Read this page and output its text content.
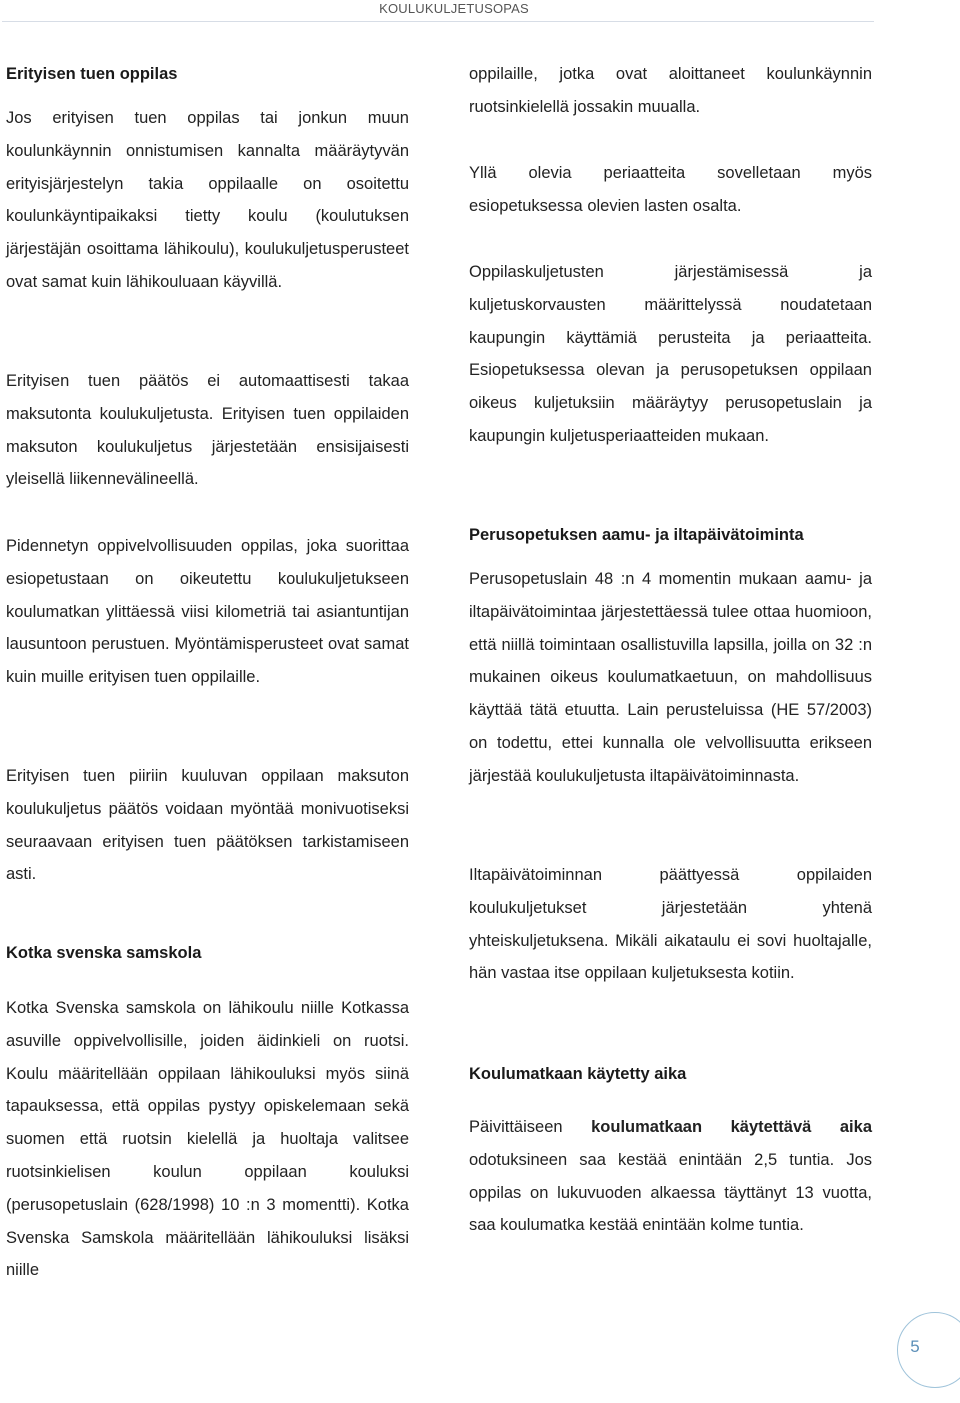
KOULUKULJETUSOPAS
Erityisen tuen oppilas
Jos erityisen tuen oppilas tai jonkun muun koulunkäynnin onnistumisen kannalta määräytyvän erityisjärjestelyn takia oppilaalle on osoitettu koulunkäyntipaikaksi tietty koulu (koulutuksen järjestäjän osoittama lähikoulu), koulukuljetusperusteet ovat samat kuin lähikouluaan käyvillä.
Erityisen tuen päätös ei automaattisesti takaa maksutonta koulukuljetusta. Erityisen tuen oppilaiden maksuton koulukuljetus järjestetään ensisijaisesti yleisellä liikennevälineellä.
Pidennetyn oppivelvollisuuden oppilas, joka suorittaa esiopetustaan on oikeutettu koulukuljetukseen koulumatkan ylittäessä viisi kilometriä tai asiantuntijan lausuntoon perustuen. Myöntämisperusteet ovat samat kuin muille erityisen tuen oppilaille.
Erityisen tuen piiriin kuuluvan oppilaan maksuton koulukuljetus päätös voidaan myöntää monivuotiseksi seuraavaan erityisen tuen päätöksen tarkistamiseen asti.
Kotka svenska samskola
Kotka Svenska samskola on lähikoulu niille Kotkassa asuville oppivelvollisille, joiden äidinkieli on ruotsi. Koulu määritellään oppilaan lähikouluksi myös siinä tapauksessa, että oppilas pystyy opiskelemaan sekä suomen että ruotsin kielellä ja huoltaja valitsee ruotsinkielisen koulun oppilaan kouluksi (perusopetuslain (628/1998) 10 :n 3 momentti). Kotka Svenska Samskola määritellään lähikouluksi lisäksi niille
oppilaille, jotka ovat aloittaneet koulunkäynnin ruotsinkielellä jossakin muualla.
Yllä olevia periaatteita sovelletaan myös esiopetuksessa olevien lasten osalta.
Oppilaskuljetusten järjestämisessä ja kuljetuskorvausten määrittelyssä noudatetaan kaupungin käyttämiä perusteita ja periaatteita. Esiopetuksessa olevan ja perusopetuksen oppilaan oikeus kuljetuksiin määräytyy perusopetuslain ja kaupungin kuljetusperiaatteiden mukaan.
Perusopetuksen aamu- ja iltapäivätoiminta
Perusopetuslain 48 :n 4 momentin mukaan aamu- ja iltapäivätoimintaa järjestettäessä tulee ottaa huomioon, että niillä toimintaan osallistuvilla lapsilla, joilla on 32 :n mukainen oikeus koulumatkaetuun, on mahdollisuus käyttää tätä etuutta. Lain perusteluissa (HE 57/2003) on todettu, ettei kunnalla ole velvollisuutta erikseen järjestää koulukuljetusta iltapäivätoiminnasta.
Iltapäivätoiminnan päättyessä oppilaiden koulukuljetukset järjestetään yhtenä yhteiskuljetuksena. Mikäli aikataulu ei sovi huoltajalle, hän vastaa itse oppilaan kuljetuksesta kotiin.
Koulumatkaan käytetty aika
Päivittäiseen koulumatkaan käytettävä aika odotuksineen saa kestää enintään 2,5 tuntia. Jos oppilas on lukuvuoden alkaessa täyttänyt 13 vuotta, saa koulumatka kestää enintään kolme tuntia.
5
